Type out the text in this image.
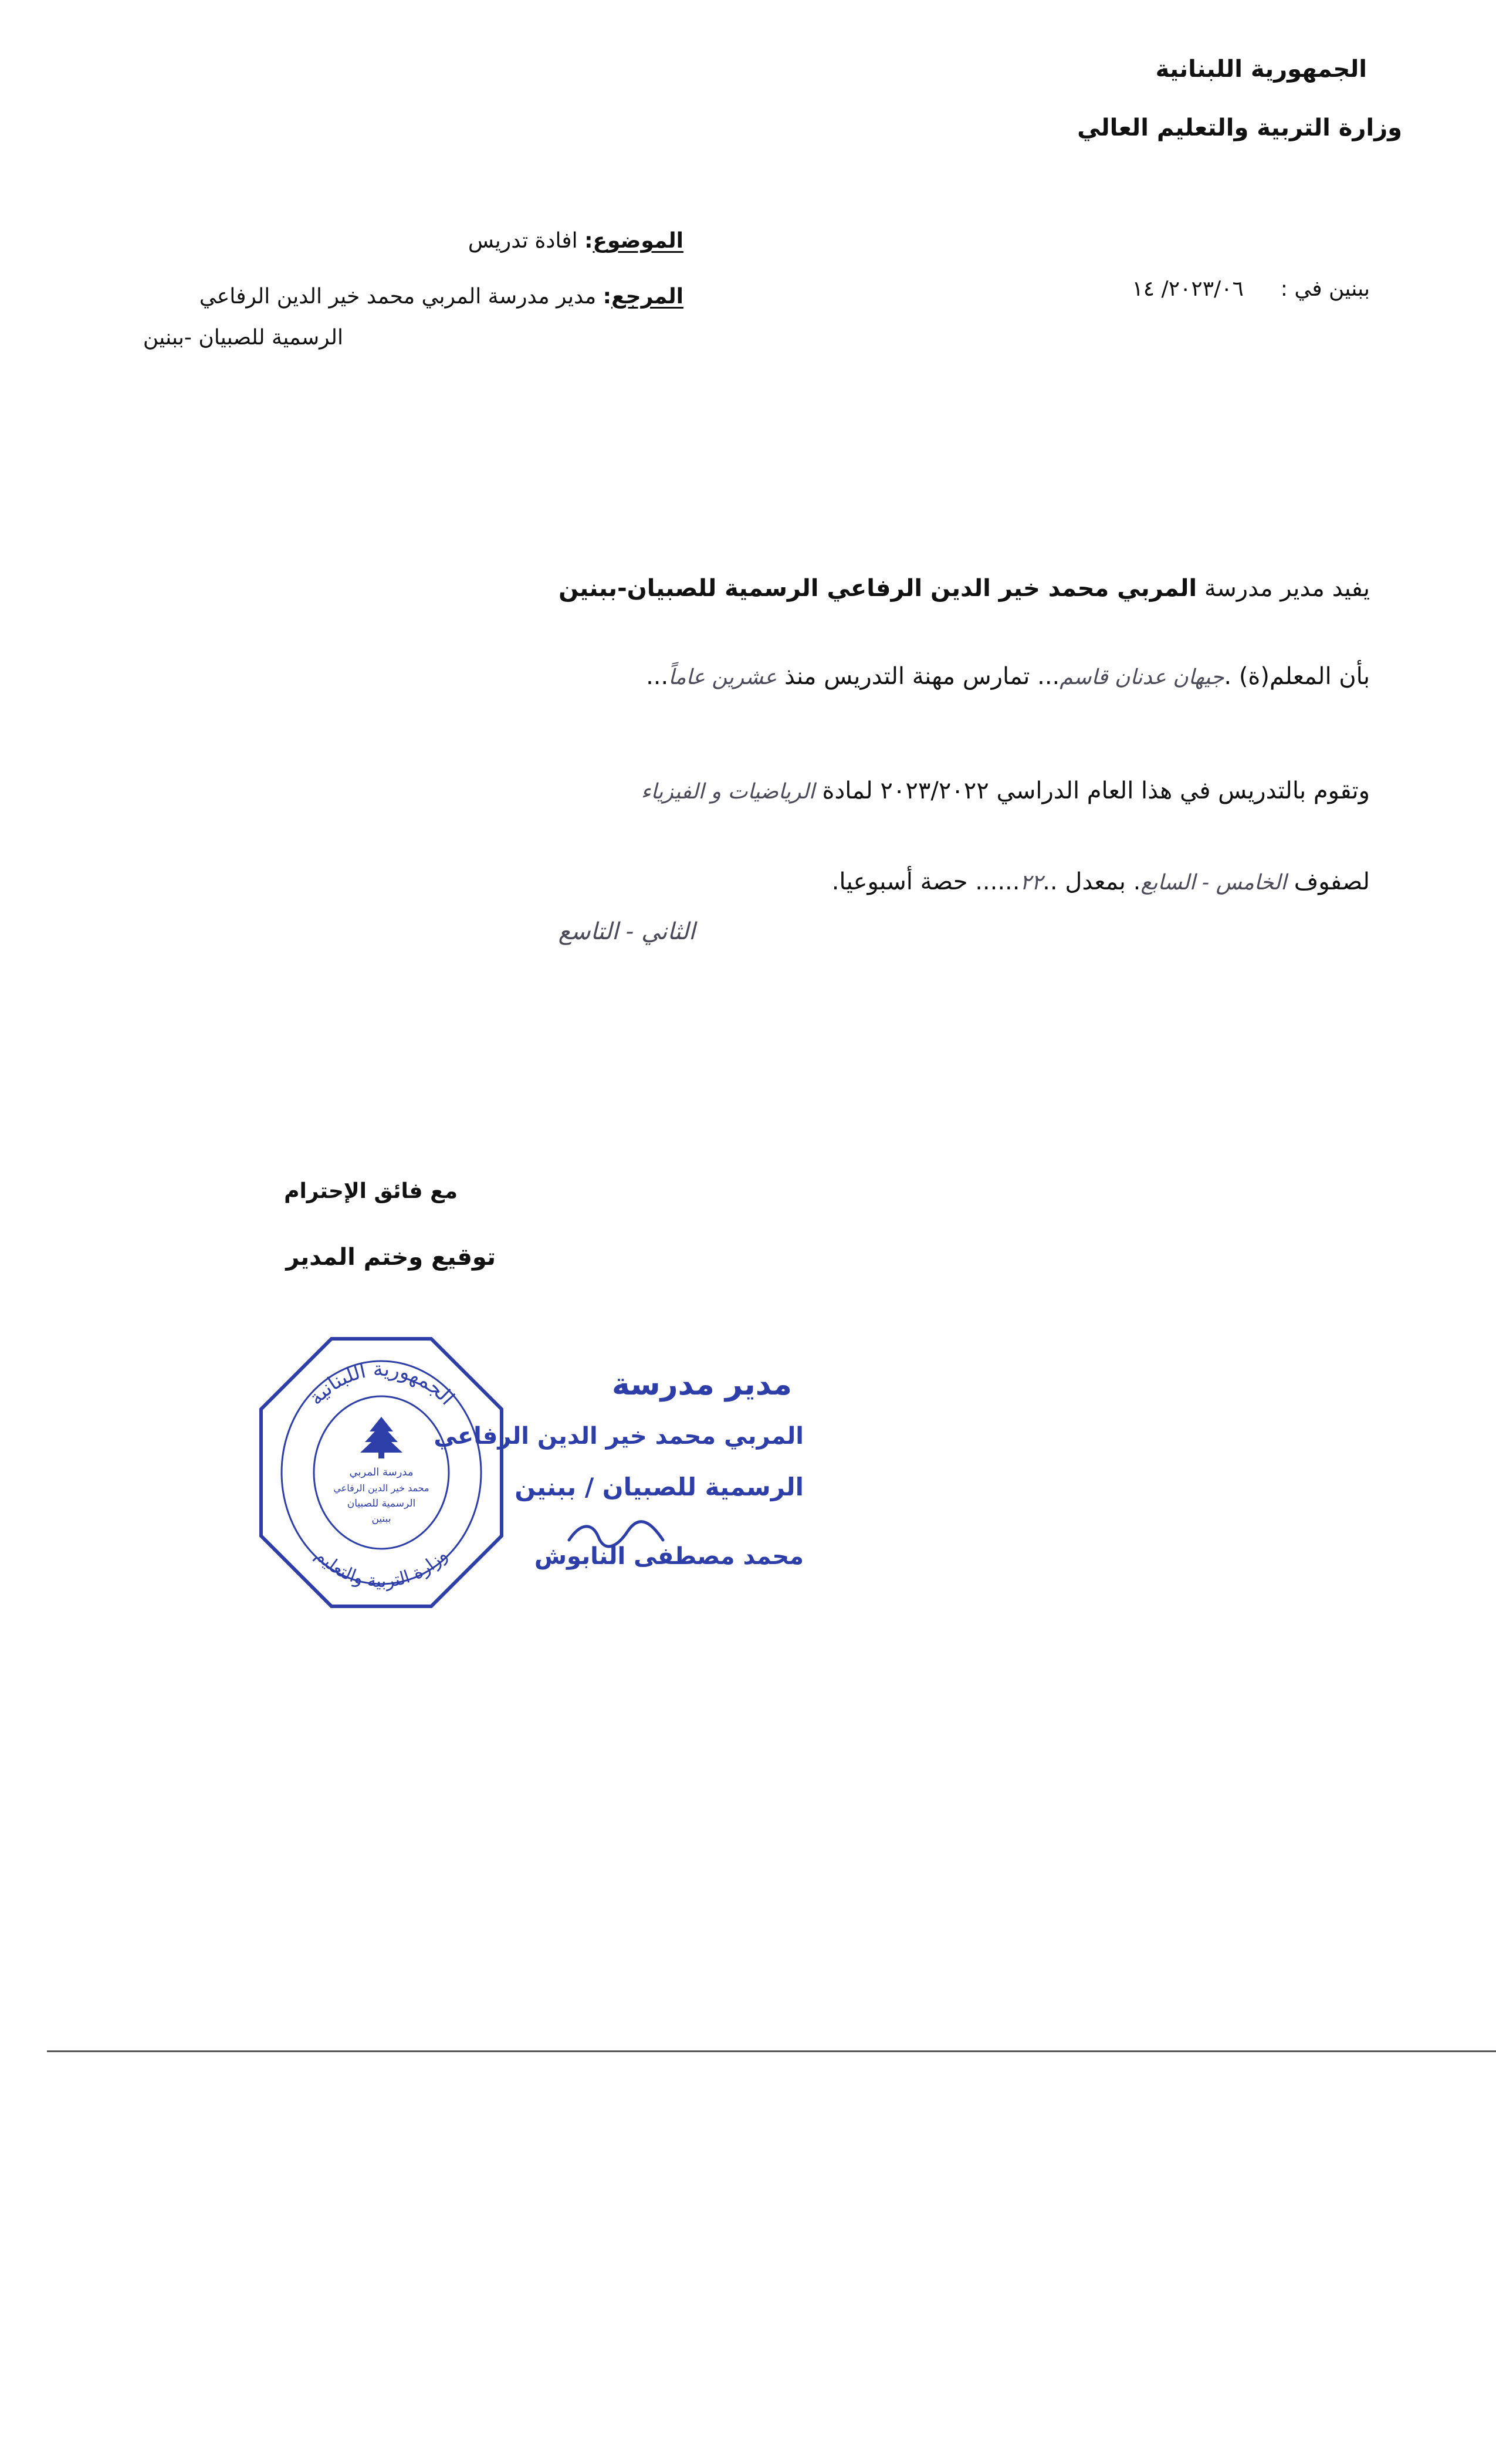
الجمهورية اللبنانية
وزارة التربية والتعليم العالي
الموضوع: افادة تدريس
المرجع: مدير مدرسة المربي محمد خير الدين الرفاعي
الرسمية للصبيان -ببنين
ببنين في :  ٢٠٢٣/٠٦/ ١٤
يفيد مدير مدرسة المربي محمد خير الدين الرفاعي الرسمية للصبيان-ببنين
بأن المعلم(ة) .جيهان عدنان قاسم... تمارس مهنة التدريس منذ عشرين عاماً...
وتقوم بالتدريس في هذا العام الدراسي ٢٠٢٣/٢٠٢٢ لمادة الرياضيات و الفيزياء
لصفوف الخامس - السابع. بمعدل ..٢٢...... حصة أسبوعيا.
الثاني - التاسع
مع فائق الإحترام
توقيع وختم المدير
الجمهورية اللبنانية
وزارة التربية والتعليم
مدرسة المربي
محمد خير الدين الرفاعي
الرسمية للصبيان
ببنين
مدير مدرسة
المربي محمد خير الدين الرفاعي
الرسمية للصبيان / ببنين
محمد مصطفى النابوش
